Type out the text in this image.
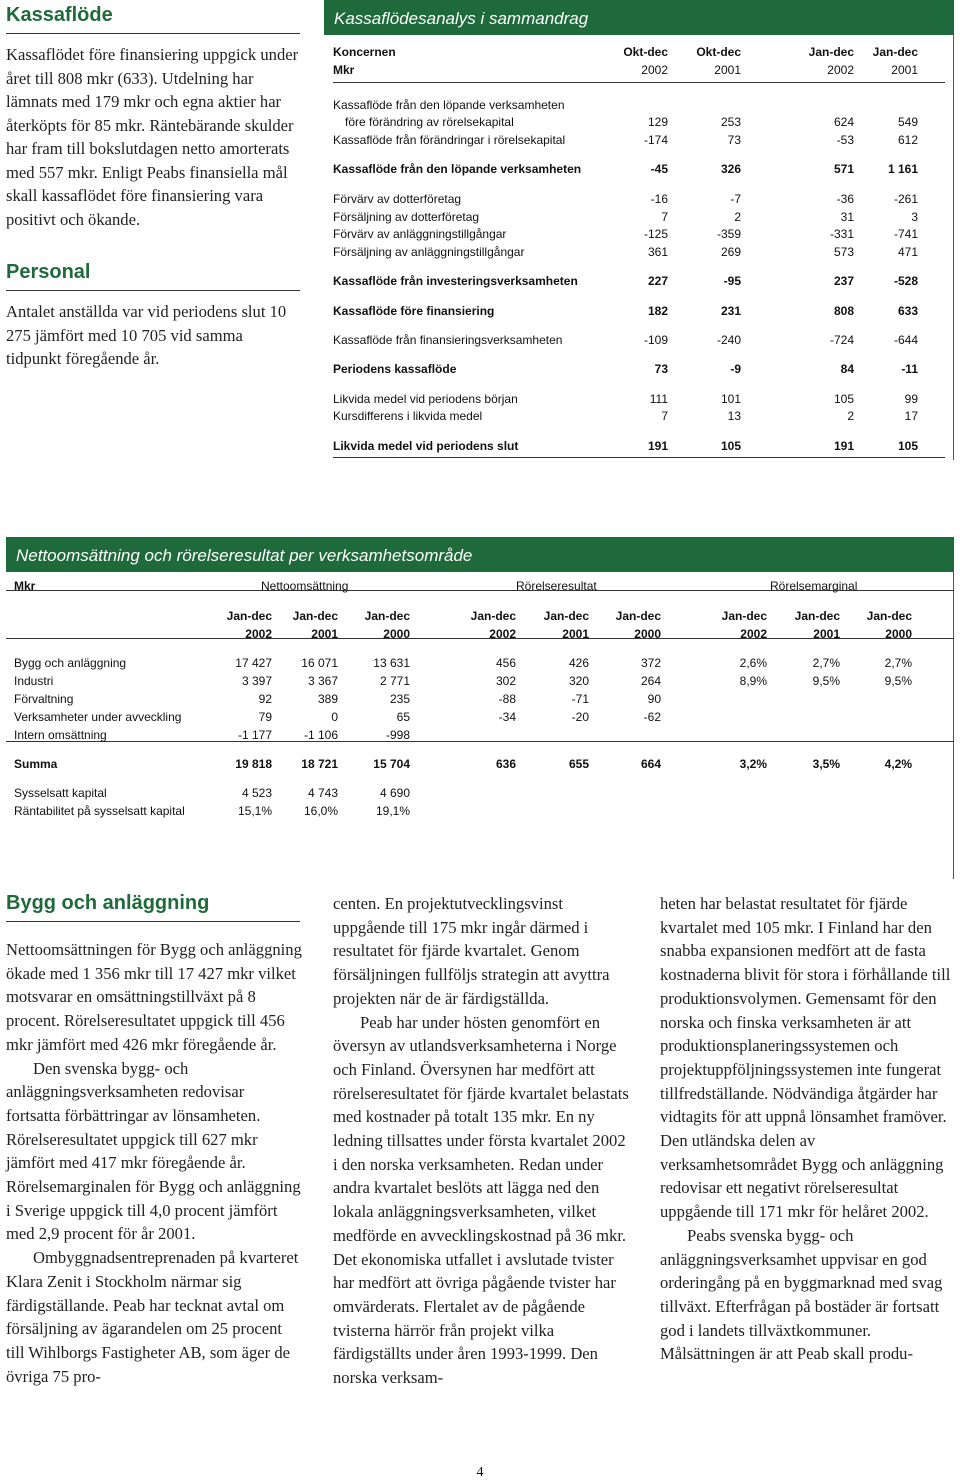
Kassaflöde

Kassaflödet före finansiering uppgick under året till 808 mkr (633). Utdelning har lämnats med 179 mkr och egna aktier har återköpts för 85 mkr. Räntebärande skulder har fram till bokslutdagen netto amorterats med 557 mkr. Enligt Peabs finansiella mål skall kassaflödet före finansiering vara positivt och ökande.

Personal

Antalet anställda var vid periodens slut 10 275 jämfört med 10 705 vid samma tidpunkt föregående år.

Kassaflödesanalys i sammandrag
Koncernen	Okt-dec	Okt-dec	Jan-dec	Jan-dec
Mkr	2002	2001	2002	2001
Kassaflöde från den löpande verksamheten
före förändring av rörelsekapital	129	253	624	549
Kassaflöde från förändringar i rörelsekapital	-174	73	-53	612
Kassaflöde från den löpande verksamheten	-45	326	571	1 161
Förvärv av dotterföretag	-16	-7	-36	-261
Försäljning av dotterföretag	7	2	31	3
Förvärv av anläggningstillgångar	-125	-359	-331	-741
Försäljning av anläggningstillgångar	361	269	573	471
Kassaflöde från investeringsverksamheten	227	-95	237	-528
Kassaflöde före finansiering	182	231	808	633
Kassaflöde från finansieringsverksamheten	-109	-240	-724	-644
Periodens kassaflöde	73	-9	84	-11
Likvida medel vid periodens början	111	101	105	99
Kursdifferens i likvida medel	7	13	2	17
Likvida medel vid periodens slut	191	105	191	105
Nettoomsättning och rörelseresultat per verksamhetsområde
Mkr	Nettoomsättning	Rörelseresultat	Rörelsemarginal
Jan-dec	Jan-dec	Jan-dec	Jan-dec	Jan-dec	Jan-dec	Jan-dec	Jan-dec	Jan-dec
2002	2001	2000	2002	2001	2000	2002	2001	2000
Bygg och anläggning	17 427	16 071	13 631	456	426	372	2,6%	2,7%	2,7%
Industri	3 397	3 367	2 771	302	320	264	8,9%	9,5%	9,5%
Förvaltning	92	389	235	-88	-71	90
Verksamheter under avveckling	79	0	65	-34	-20	-62
Intern omsättning	-1 177	-1 106	-998
Summa	19 818	18 721	15 704	636	655	664	3,2%	3,5%	4,2%
Sysselsatt kapital	4 523	4 743	4 690
Räntabilitet på sysselsatt kapital	15,1%	16,0%	19,1%
Bygg och anläggning

Nettoomsättningen för Bygg och anläggning ökade med 1 356 mkr till 17 427 mkr vilket motsvarar en omsättningstillväxt på 8 procent. Rörelseresultatet uppgick till 456 mkr jämfört med 426 mkr föregående år.

Den svenska bygg- och anläggningsverksamheten redovisar fortsatta förbättringar av lönsamheten. Rörelseresultatet uppgick till 627 mkr jämfört med 417 mkr föregående år. Rörelsemarginalen för Bygg och anläggning i Sverige uppgick till 4,0 procent jämfört med 2,9 procent för år 2001.

Ombyggnadsentreprenaden på kvarteret Klara Zenit i Stockholm närmar sig färdigställande. Peab har tecknat avtal om försäljning av ägarandelen om 25 procent till Wihlborgs Fastigheter AB, som äger de övriga 75 pro-

centen. En projektutvecklingsvinst uppgående till 175 mkr ingår därmed i resultatet för fjärde kvartalet. Genom försäljningen fullföljs strategin att avyttra projekten när de är färdigställda.

Peab har under hösten genomfört en översyn av utlandsverksamheterna i Norge och Finland. Översynen har medfört att rörelseresultatet för fjärde kvartalet belastats med kostnader på totalt 135 mkr. En ny ledning tillsattes under första kvartalet 2002 i den norska verksamheten. Redan under andra kvartalet beslöts att lägga ned den lokala anläggningsverksamheten, vilket medförde en avvecklingskostnad på 36 mkr. Det ekonomiska utfallet i avslutade tvister har medfört att övriga pågående tvister har omvärderats. Flertalet av de pågående tvisterna härrör från projekt vilka färdigställts under åren 1993-1999. Den norska verksam-

heten har belastat resultatet för fjärde kvartalet med 105 mkr. I Finland har den snabba expansionen medfört att de fasta kostnaderna blivit för stora i förhållande till produktionsvolymen. Gemensamt för den norska och finska verksamheten är att produktionsplaneringssystemen och projektuppföljningssystemen inte fungerat tillfredställande. Nödvändiga åtgärder har vidtagits för att uppnå lönsamhet framöver. Den utländska delen av verksamhetsområdet Bygg och anläggning redovisar ett negativt rörelseresultat uppgående till 171 mkr för helåret 2002.

Peabs svenska bygg- och anläggningsverksamhet uppvisar en god orderingång på en byggmarknad med svag tillväxt. Efterfrågan på bostäder är fortsatt god i landets tillväxtkommuner. Målsättningen är att Peab skall produ-

4
